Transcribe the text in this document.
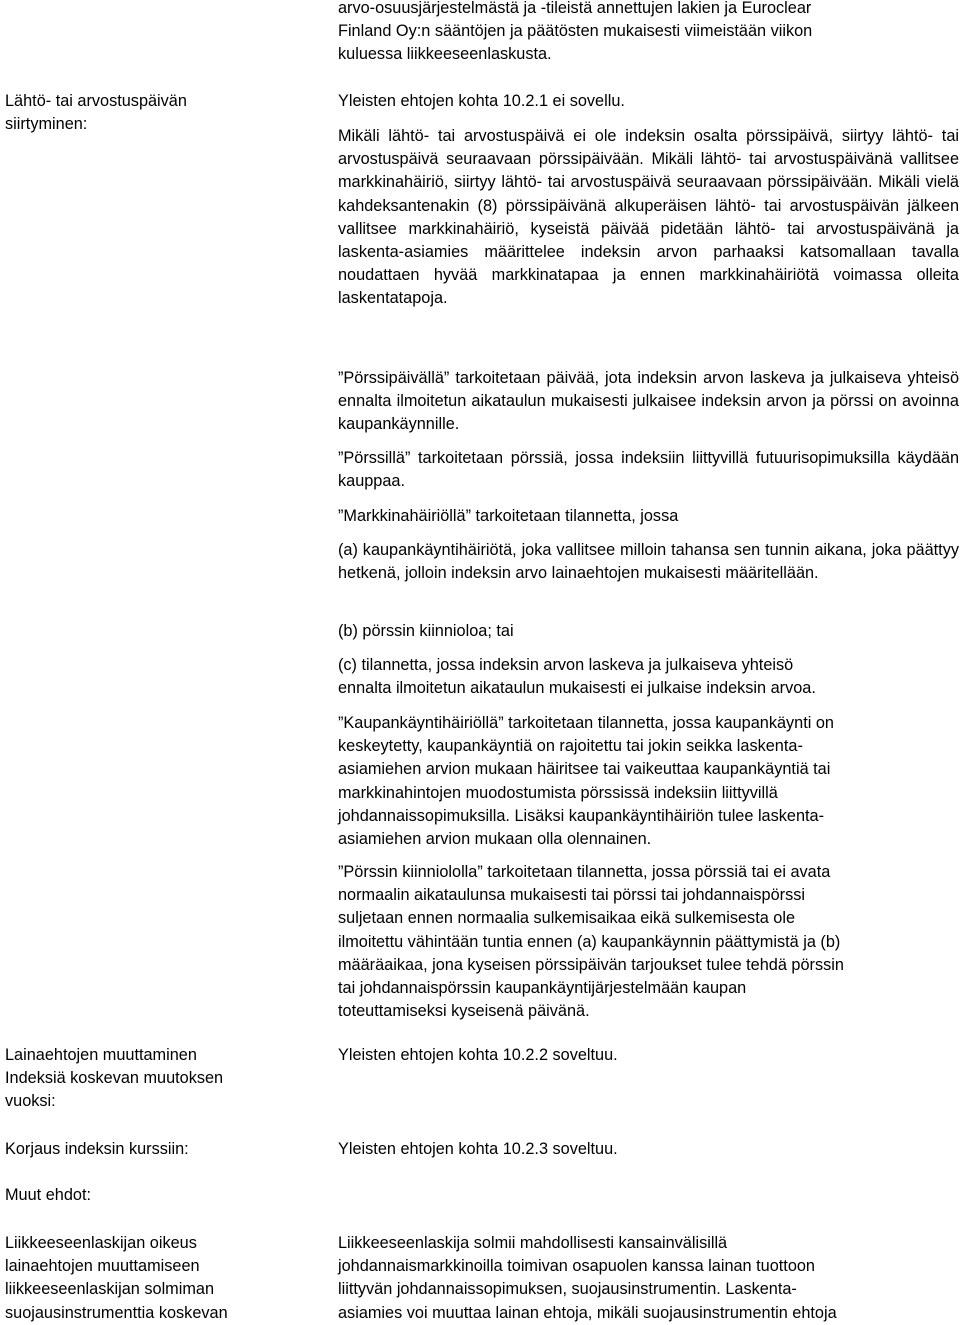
arvo-osuusjärjestelmästä ja -tileistä annettujen lakien ja Euroclear
Finland Oy:n sääntöjen ja päätösten mukaisesti viimeistään viikon
kuluessa liikkeeseenlaskusta.
Lähtö- tai arvostuspäivän siirtyminen:
Yleisten ehtojen kohta 10.2.1 ei sovellu.
Mikäli lähtö- tai arvostuspäivä ei ole indeksin osalta pörssipäivä, siirtyy lähtö- tai arvostuspäivä seuraavaan pörssipäivään. Mikäli lähtö- tai arvostuspäivänä vallitsee markkinahäiriö, siirtyy lähtö- tai arvostuspäivä seuraavaan pörssipäivään. Mikäli vielä kahdeksantenakin (8) pörssipäivänä alkuperäisen lähtö- tai arvostuspäivän jälkeen vallitsee markkinahäiriö, kyseistä päivää pidetään lähtö- tai arvostuspäivänä ja laskenta-asiamies määrittelee indeksin arvon parhaaksi katsomallaan tavalla noudattaen hyvää markkinatapaa ja ennen markkinahäiriötä voimassa olleita laskentatapoja.
”Pörssipäivällä” tarkoitetaan päivää, jota indeksin arvon laskeva ja julkaiseva yhteisö ennalta ilmoitetun aikataulun mukaisesti julkaisee indeksin arvon ja pörssi on avoinna kaupankäynnille.
”Pörssillä” tarkoitetaan pörssiä, jossa indeksiin liittyvillä futuurisopimuksilla käydään kauppaa.
”Markkinahäiriöllä” tarkoitetaan tilannetta, jossa
(a) kaupankäyntihäiriötä, joka vallitsee milloin tahansa sen tunnin aikana, joka päättyy hetkenä, jolloin indeksin arvo lainaehtojen mukaisesti määritellään.
(b) pörssin kiinnioloa; tai
(c) tilannetta, jossa indeksin arvon laskeva ja julkaiseva yhteisö
ennalta ilmoitetun aikataulun mukaisesti ei julkaise indeksin arvoa.
”Kaupankäyntihäiriöllä” tarkoitetaan tilannetta, jossa kaupankäynti on
keskeytetty, kaupankäyntiä on rajoitettu tai jokin seikka laskenta-
asiamiehen arvion mukaan häiritsee tai vaikeuttaa kaupankäyntiä tai
markkinahintojen muodostumista pörssissä indeksiin liittyvillä
johdannaissopimuksilla. Lisäksi kaupankäyntihäiriön tulee laskenta-
asiamiehen arvion mukaan olla olennainen.
”Pörssin kiinniololla” tarkoitetaan tilannetta, jossa pörssiä tai ei avata
normaalin aikataulunsa mukaisesti tai pörssi tai johdannaispörssi
suljetaan ennen normaalia sulkemisaikaa eikä sulkemisesta ole
ilmoitettu vähintään tuntia ennen (a) kaupankäynnin päättymistä ja (b)
määräaikaa, jona kyseisen pörssipäivän tarjoukset tulee tehdä pörssin
tai johdannaispörssin kaupankäyntijärjestelmään kaupan
toteuttamiseksi kyseisenä päivänä.
Lainaehtojen muuttaminen
Indeksiä koskevan muutoksen
vuoksi:
Yleisten ehtojen kohta 10.2.2 soveltuu.
Korjaus indeksin kurssiin:	Yleisten ehtojen kohta 10.2.3 soveltuu.
Muut ehdot:
Liikkeeseenlaskijan oikeus
lainaehtojen muuttamiseen
liikkeeseenlaskijan solmiman
suojausinstrumenttia koskevan
Liikkeeseenlaskija solmii mahdollisesti kansainvälisillä
johdannaismarkkinoilla toimivan osapuolen kanssa lainan tuottoon
liittyvän johdannaissopimuksen, suojausinstrumentin. Laskenta-
asiamies voi muuttaa lainan ehtoja, mikäli suojausinstrumentin ehtoja
